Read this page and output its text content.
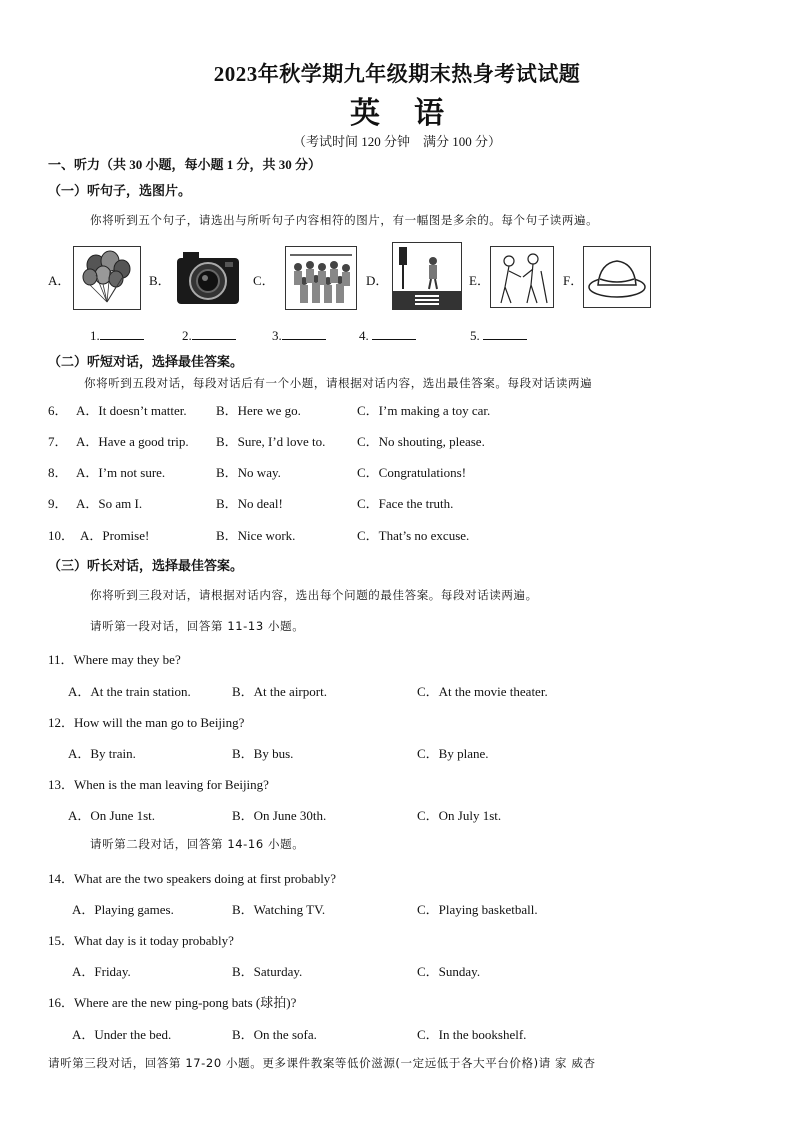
2023年秋学期九年级期末热身考试试题
英语
（考试时间 120 分钟　满分 100 分）
一、听力（共 30 小题，每小题 1 分，共 30 分）
（一）听句子，选图片。
你将听到五个句子，请选出与所听句子内容相符的图片，有一幅图是多余的。每个句子读两遍。
A．	B．	C．	D．	E．	F．
1.	2.	3.	4.	5.
（二）听短对话，选择最佳答案。
你将听到五段对话，每段对话后有一个小题，请根据对话内容，选出最佳答案。每段对话读两遍
6． A．It doesn’t matter. B．Here we go.	C．I’m making a toy car.
7． A．Have a good trip. B．Sure, I’d love to. C．No shouting, please.
8． A．I’m not sure.	B．No way.	C．Congratulations!
9． A．So am I.	B．No deal!	C．Face the truth.
10． A．Promise!	B．Nice work.	C．That’s no excuse.
（三）听长对话，选择最佳答案。
你将听到三段对话，请根据对话内容，选出每个问题的最佳答案。每段对话读两遍。
请听第一段对话，回答第 11-13 小题。
11．Where may they be?
A．At the train station.	B．At the airport.	C．At the movie theater.
12．How will the man go to Beijing?
A．By train.	B．By bus.	C．By plane.
13．When is the man leaving for Beijing?
A．On June 1st.	B．On June 30th.	C．On July 1st.
请听第二段对话，回答第 14-16 小题。
14．What are the two speakers doing at first probably?
A．Playing games.	B．Watching TV.	C．Playing basketball.
15．What day is it today probably?
A．Friday.	B．Saturday.	C．Sunday.
16．Where are the new ping-pong bats (球拍)?
A．Under the bed.	B．On the sofa.	C．In the bookshelf.
请听第三段对话，回答第 17-20 小题。更多课件教案等低价滋源(一定远低于各大平台价格)请 家 威杏
